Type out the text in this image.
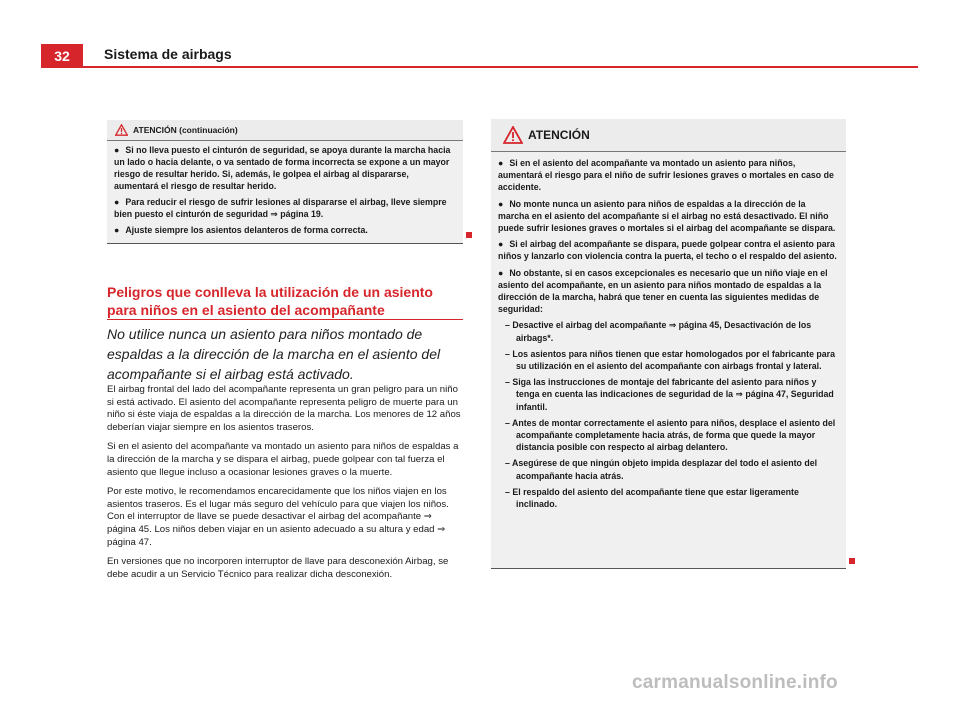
32	Sistema de airbags
ATENCIÓN (continuación)

● Si no lleva puesto el cinturón de seguridad, se apoya durante la marcha hacia un lado o hacia delante, o va sentado de forma incorrecta se expone a un mayor riesgo de resultar herido. Si, además, le golpea el airbag al dispararse, aumentará el riesgo de resultar herido.

● Para reducir el riesgo de sufrir lesiones al dispararse el airbag, lleve siempre bien puesto el cinturón de seguridad ⇒ página 19.

● Ajuste siempre los asientos delanteros de forma correcta.

Peligros que conlleva la utilización de un asiento para niños en el asiento del acompañante
No utilice nunca un asiento para niños montado de espaldas a la dirección de la marcha en el asiento del acompañante si el airbag está activado.

El airbag frontal del lado del acompañante representa un gran peligro para un niño si está activado. El asiento del acompañante representa peligro de muerte para un niño si éste viaja de espaldas a la dirección de la marcha. Los menores de 12 años deberían viajar siempre en los asientos traseros.

Si en el asiento del acompañante va montado un asiento para niños de espaldas a la dirección de la marcha y se dispara el airbag, puede golpear con tal fuerza el asiento que llegue incluso a ocasionar lesiones graves o la muerte.

Por este motivo, le recomendamos encarecidamente que los niños viajen en los asientos traseros. Es el lugar más seguro del vehículo para que viajen los niños. Con el interruptor de llave se puede desactivar el airbag del acompañante ⇒ página 45. Los niños deben viajar en un asiento adecuado a su altura y edad ⇒ página 47.

En versiones que no incorporen interruptor de llave para desconexión Airbag, se debe acudir a un Servicio Técnico para realizar dicha desconexión.

ATENCIÓN

● Si en el asiento del acompañante va montado un asiento para niños, aumentará el riesgo para el niño de sufrir lesiones graves o mortales en caso de accidente.

● No monte nunca un asiento para niños de espaldas a la dirección de la marcha en el asiento del acompañante si el airbag no está desactivado. El niño puede sufrir lesiones graves o mortales si el airbag del acompañante se dispara.

● Si el airbag del acompañante se dispara, puede golpear contra el asiento para niños y lanzarlo con violencia contra la puerta, el techo o el respaldo del asiento.

● No obstante, si en casos excepcionales es necesario que un niño viaje en el asiento del acompañante, en un asiento para niños montado de espaldas a la dirección de la marcha, habrá que tener en cuenta las siguientes medidas de seguridad:

– Desactive el airbag del acompañante ⇒ página 45, Desactivación de los airbags*.
– Los asientos para niños tienen que estar homologados por el fabricante para su utilización en el asiento del acompañante con airbags frontal y lateral.
– Siga las instrucciones de montaje del fabricante del asiento para niños y tenga en cuenta las indicaciones de seguridad de la ⇒ página 47, Seguridad infantil.
– Antes de montar correctamente el asiento para niños, desplace el asiento del acompañante completamente hacia atrás, de forma que quede la mayor distancia posible con respecto al airbag delantero.
– Asegúrese de que ningún objeto impida desplazar del todo el asiento del acompañante hacia atrás.
– El respaldo del asiento del acompañante tiene que estar ligeramente inclinado.
carmanualsonline.info
